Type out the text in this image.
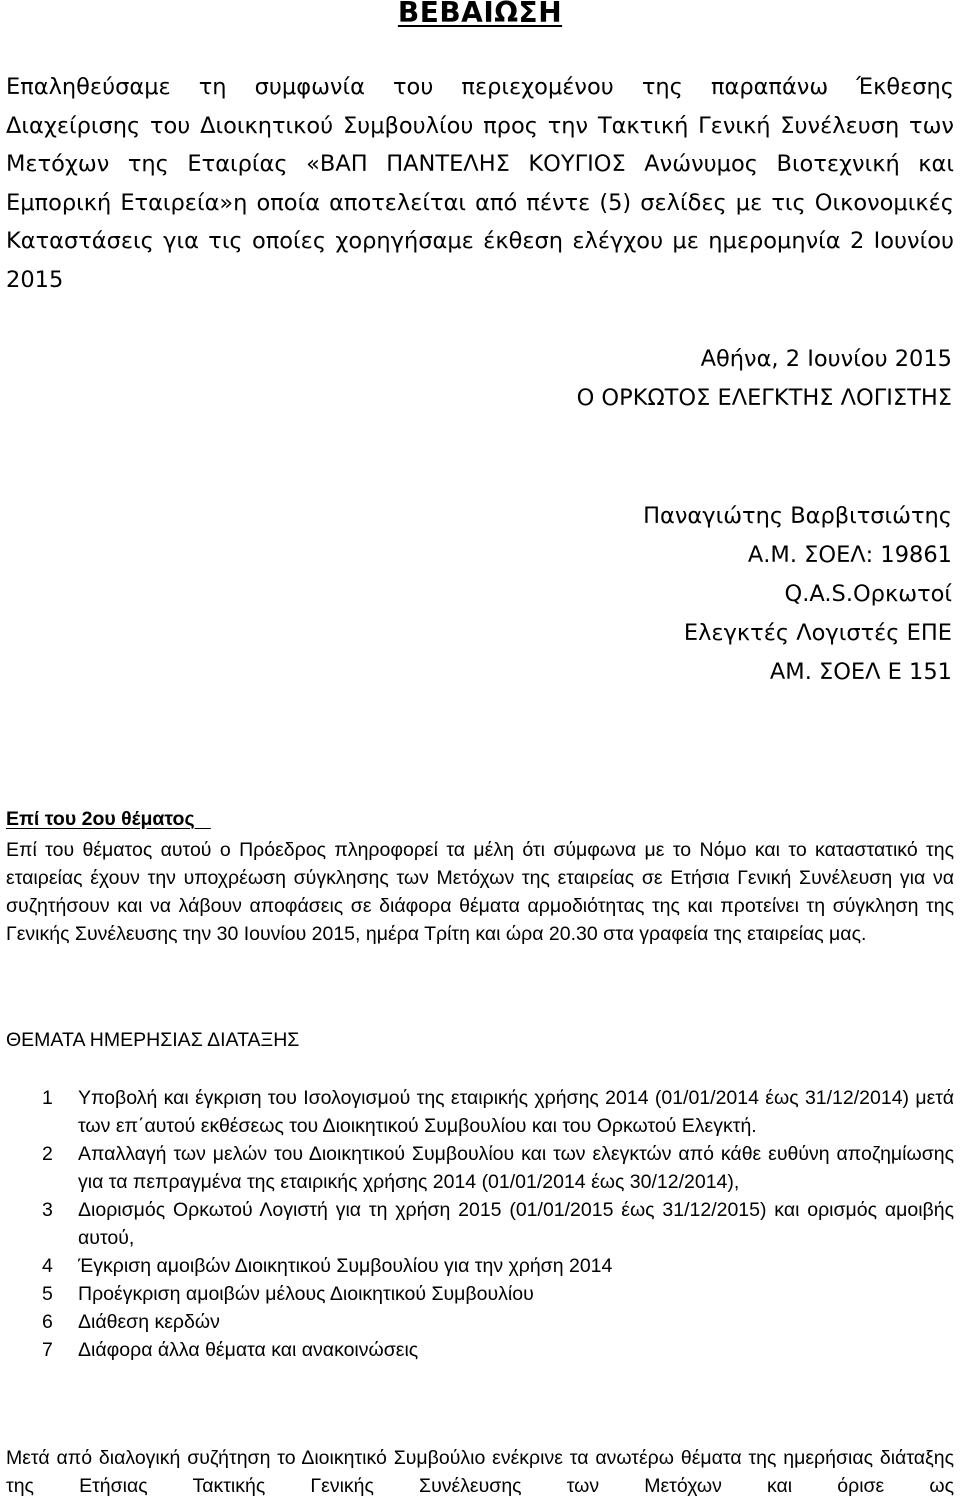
ΒΕΒΑΙΩΣΗ

Επαληθεύσαμε τη συμφωνία του περιεχομένου της παραπάνω Έκθεσης Διαχείρισης του Διοικητικού Συμβουλίου προς την Τακτική Γενική Συνέλευση των Μετόχων της Εταιρίας «ΒΑΠ ΠΑΝΤΕΛΗΣ ΚΟΥΓΙΟΣ Ανώνυμος Βιοτεχνική και Εμπορική Εταιρεία»η οποία αποτελείται από πέντε (5) σελίδες με τις Οικονομικές Καταστάσεις για τις οποίες χορηγήσαμε έκθεση ελέγχου με ημερομηνία 2 Ιουνίου 2015

Αθήνα, 2 Ιουνίου 2015
Ο ΟΡΚΩΤΟΣ ΕΛΕΓΚΤΗΣ ΛΟΓΙΣΤΗΣ
Παναγιώτης Βαρβιτσιώτης
Α.Μ. ΣΟΕΛ: 19861
Q.A.S.Ορκωτοί
Ελεγκτές Λογιστές ΕΠΕ
ΑΜ. ΣΟΕΛ Ε 151
Επί του 2ου θέματος

Επί του θέματος αυτού ο Πρόεδρος πληροφορεί τα μέλη ότι σύμφωνα με το Νόμο και το καταστατικό της εταιρείας έχουν την υποχρέωση σύγκλησης των Μετόχων της εταιρείας σε Ετήσια Γενική Συνέλευση για να συζητήσουν και να λάβουν αποφάσεις σε διάφορα θέματα αρμοδιότητας της και προτείνει τη σύγκληση της Γενικής Συνέλευσης την 30 Ιουνίου 2015, ημέρα Τρίτη και ώρα 20.30 στα γραφεία της εταιρείας μας.

ΘΕΜΑΤΑ ΗΜΕΡΗΣΙΑΣ ΔΙΑΤΑΞΗΣ
1	Υποβολή και έγκριση του Ισολογισμού της εταιρικής χρήσης 2014 (01/01/2014 έως 31/12/2014) μετά των επ΄αυτού εκθέσεως του Διοικητικού Συμβουλίου και του Ορκωτού Ελεγκτή.
2	Απαλλαγή των μελών του Διοικητικού Συμβουλίου και των ελεγκτών από κάθε ευθύνη αποζημίωσης για τα πεπραγμένα της εταιρικής χρήσης 2014 (01/01/2014 έως 30/12/2014),
3	Διορισμός Ορκωτού Λογιστή για τη χρήση 2015 (01/01/2015 έως 31/12/2015) και ορισμός αμοιβής αυτού,
4	Έγκριση αμοιβών Διοικητικού Συμβουλίου για την χρήση 2014
5	Προέγκριση αμοιβών μέλους Διοικητικού Συμβουλίου
6	Διάθεση κερδών
7	Διάφορα άλλα θέματα και ανακοινώσεις

Μετά από διαλογική συζήτηση το Διοικητικό Συμβούλιο ενέκρινε τα ανωτέρω θέματα της ημερήσιας διάταξης της Ετήσιας Τακτικής Γενικής Συνέλευσης των Μετόχων και όρισε ως
